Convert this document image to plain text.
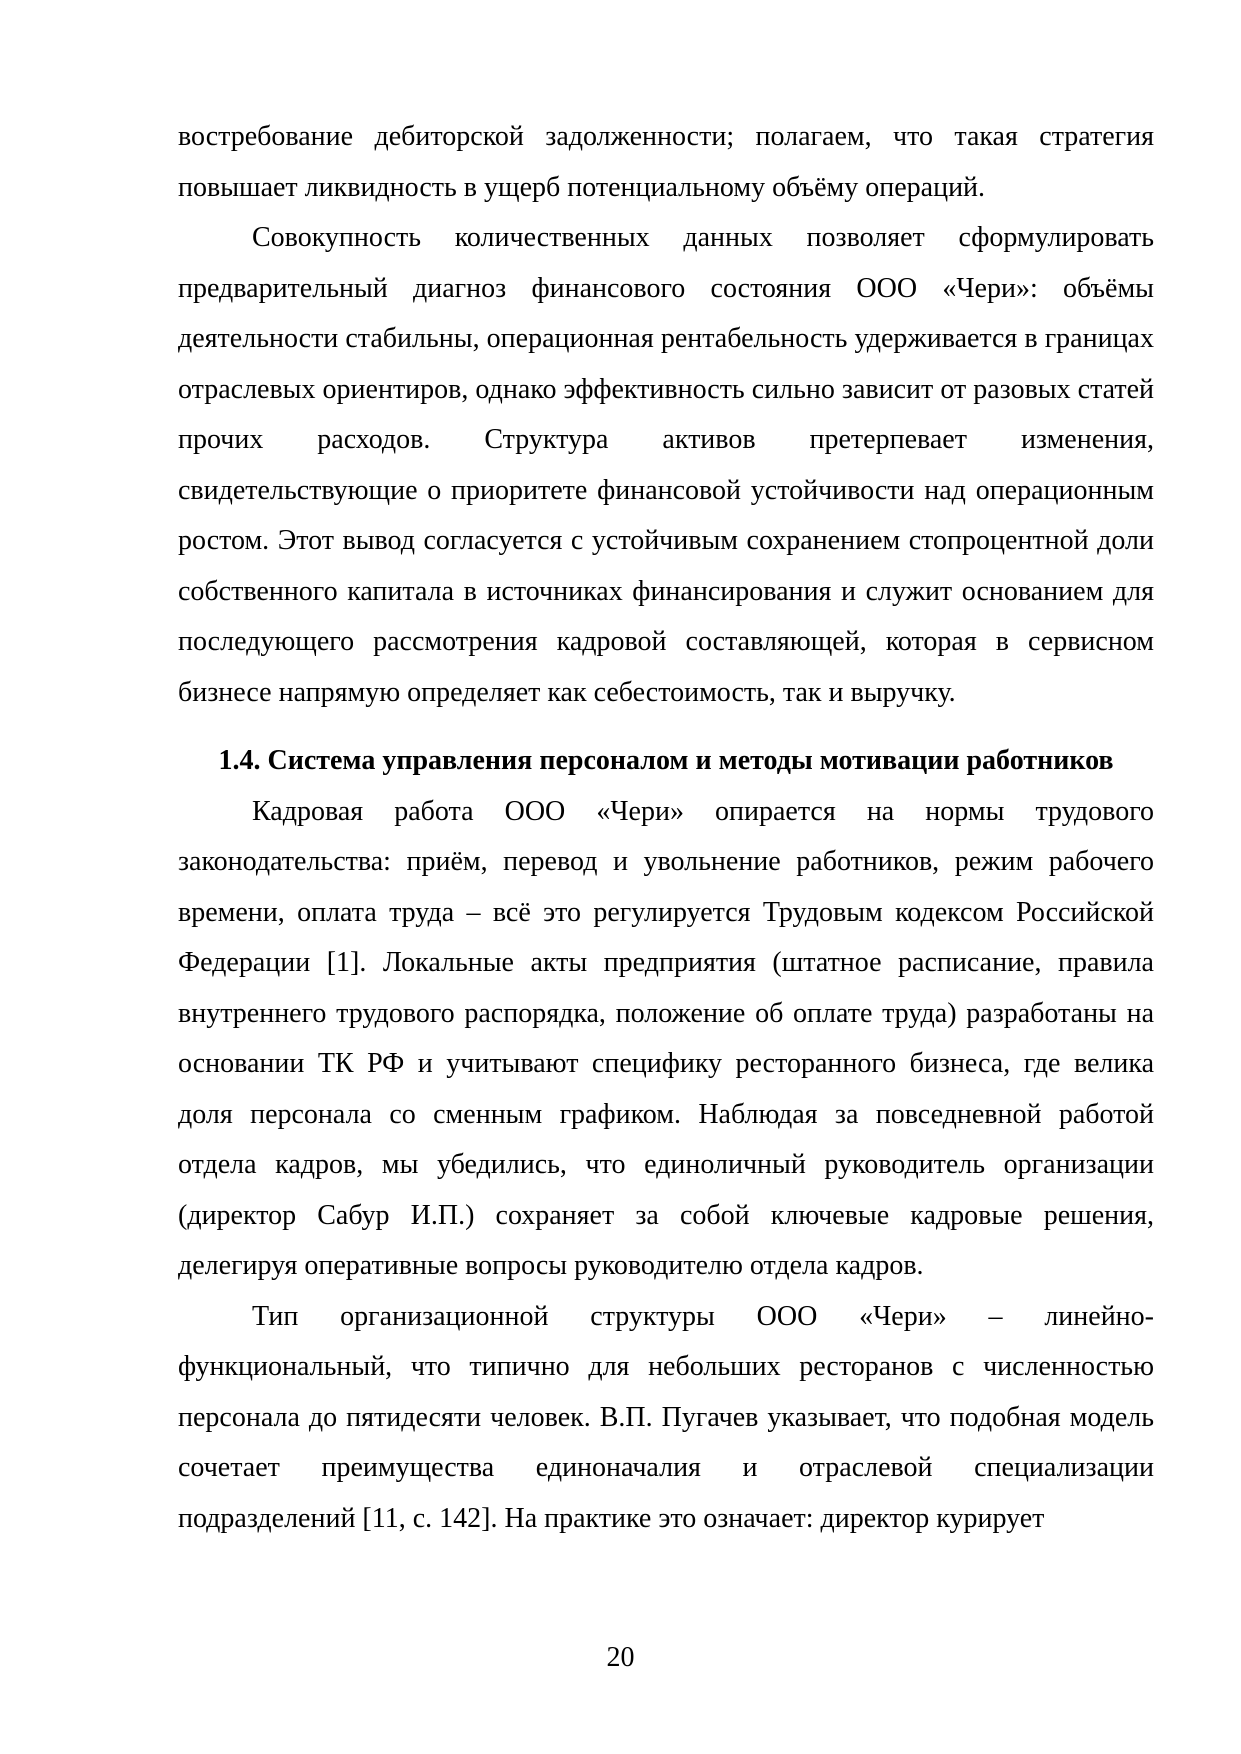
востребование дебиторской задолженности; полагаем, что такая стратегия повышает ликвидность в ущерб потенциальному объёму операций.

Совокупность количественных данных позволяет сформулировать предварительный диагноз финансового состояния ООО «Чери»: объёмы деятельности стабильны, операционная рентабельность удерживается в границах отраслевых ориентиров, однако эффективность сильно зависит от разовых статей прочих расходов. Структура активов претерпевает изменения, свидетельствующие о приоритете финансовой устойчивости над операционным ростом. Этот вывод согласуется с устойчивым сохранением стопроцентной доли собственного капитала в источниках финансирования и служит основанием для последующего рассмотрения кадровой составляющей, которая в сервисном бизнесе напрямую определяет как себестоимость, так и выручку.

1.4. Система управления персоналом и методы мотивации работников

Кадровая работа ООО «Чери» опирается на нормы трудового законодательства: приём, перевод и увольнение работников, режим рабочего времени, оплата труда – всё это регулируется Трудовым кодексом Российской Федерации [1]. Локальные акты предприятия (штатное расписание, правила внутреннего трудового распорядка, положение об оплате труда) разработаны на основании ТК РФ и учитывают специфику ресторанного бизнеса, где велика доля персонала со сменным графиком. Наблюдая за повседневной работой отдела кадров, мы убедились, что единоличный руководитель организации (директор Сабур И.П.) сохраняет за собой ключевые кадровые решения, делегируя оперативные вопросы руководителю отдела кадров.

Тип организационной структуры ООО «Чери» – линейно-функциональный, что типично для небольших ресторанов с численностью персонала до пятидесяти человек. В.П. Пугачев указывает, что подобная модель сочетает преимущества единоначалия и отраслевой специализации подразделений [11, с. 142]. На практике это означает: директор курирует

20
